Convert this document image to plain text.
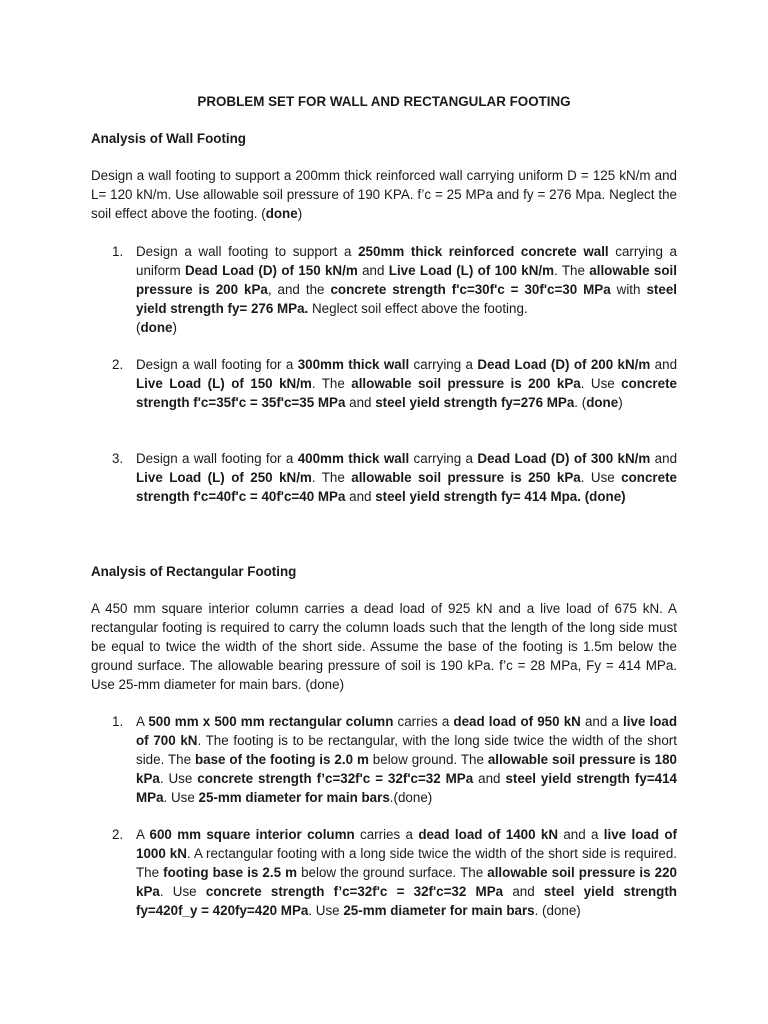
PROBLEM SET FOR WALL AND RECTANGULAR FOOTING
Analysis of Wall Footing

Design a wall footing to support a 200mm thick reinforced wall carrying uniform D = 125 kN/m and L= 120 kN/m. Use allowable soil pressure of 190 KPA. f’c = 25 MPa and fy = 276 Mpa. Neglect the soil effect above the footing. (done)

1. Design a wall footing to support a 250mm thick reinforced concrete wall carrying a uniform Dead Load (D) of 150 kN/m and Live Load (L) of 100 kN/m. The allowable soil pressure is 200 kPa, and the concrete strength f'c=30f'c = 30f'c=30 MPa with steel yield strength fy= 276 MPa. Neglect soil effect above the footing.
(done)
2. Design a wall footing for a 300mm thick wall carrying a Dead Load (D) of 200 kN/m and Live Load (L) of 150 kN/m. The allowable soil pressure is 200 kPa. Use concrete strength f'c=35f'c = 35f'c=35 MPa and steel yield strength fy=276 MPa. (done)
3. Design a wall footing for a 400mm thick wall carrying a Dead Load (D) of 300 kN/m and Live Load (L) of 250 kN/m. The allowable soil pressure is 250 kPa. Use concrete strength f'c=40f'c = 40f'c=40 MPa and steel yield strength fy= 414 Mpa. (done)
Analysis of Rectangular Footing

A 450 mm square interior column carries a dead load of 925 kN and a live load of 675 kN. A rectangular footing is required to carry the column loads such that the length of the long side must be equal to twice the width of the short side. Assume the base of the footing is 1.5m below the ground surface. The allowable bearing pressure of soil is 190 kPa. f’c = 28 MPa, Fy = 414 MPa. Use 25-mm diameter for main bars. (done)

1. A 500 mm x 500 mm rectangular column carries a dead load of 950 kN and a live load of 700 kN. The footing is to be rectangular, with the long side twice the width of the short side. The base of the footing is 2.0 m below ground. The allowable soil pressure is 180 kPa. Use concrete strength f’c=32f'c = 32f'c=32 MPa and steel yield strength fy=414 MPa. Use 25-mm diameter for main bars.(done)
2. A 600 mm square interior column carries a dead load of 1400 kN and a live load of 1000 kN. A rectangular footing with a long side twice the width of the short side is required. The footing base is 2.5 m below the ground surface. The allowable soil pressure is 220 kPa. Use concrete strength f’c=32f'c = 32f'c=32 MPa and steel yield strength fy=420f_y = 420fy=420 MPa. Use 25-mm diameter for main bars. (done)
